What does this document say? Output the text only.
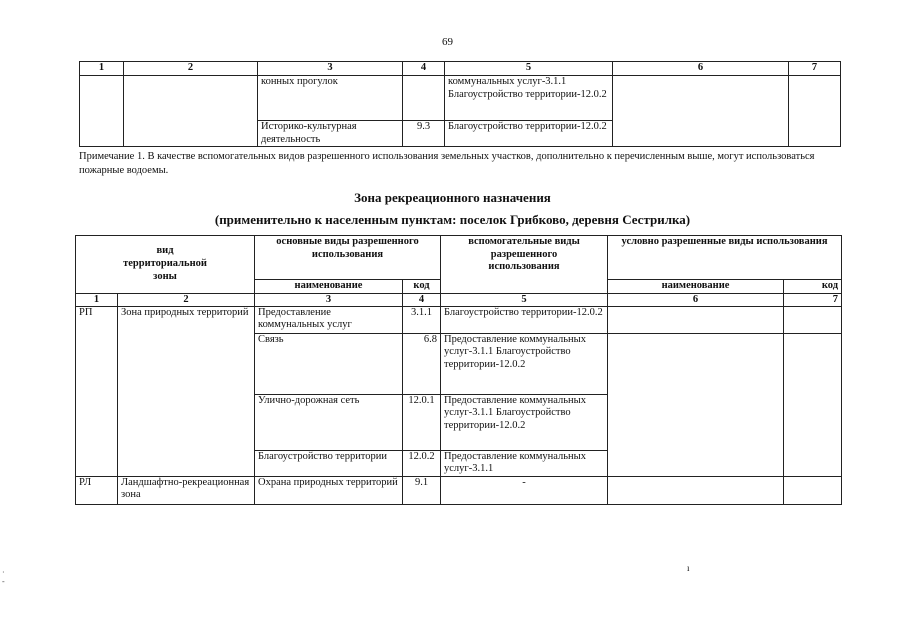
69
1	2	3	4	5	6	7
		конных прогулок		коммунальных услуг-3.1.1 Благоустройство территории-12.0.2		
		Историко-культурная деятельность	9.3	Благоустройство территории-12.0.2		
Примечание 1. В качестве вспомогательных видов разрешенного использования земельных участков, дополнительно к перечисленным выше, могут использоваться пожарные водоемы.
Зона рекреационного назначения
(применительно к населенным пунктам: поселок Грибково, деревня Сестрилка)
вид территориальной зоны		основные виды разрешенного использования		вспомогательные виды разрешенного использования	условно разрешенные виды использования	
		наименование	код		наименование	код
1	2	3	4	5	6	7
РП	Зона природных территорий	Предоставление коммунальных услуг	3.1.1	Благоустройство территории-12.0.2		
		Связь	6.8	Предоставление коммунальных услуг-3.1.1 Благоустройство территории-12.0.2		
		Улично-дорожная сеть	12.0.1	Предоставление коммунальных услуг-3.1.1 Благоустройство территории-12.0.2		
		Благоустройство территории	12.0.2	Предоставление коммунальных услуг-3.1.1		
РЛ	Ландшафтно-рекреационная зона	Охрана природных территорий	9.1	-		
ı
·
-
